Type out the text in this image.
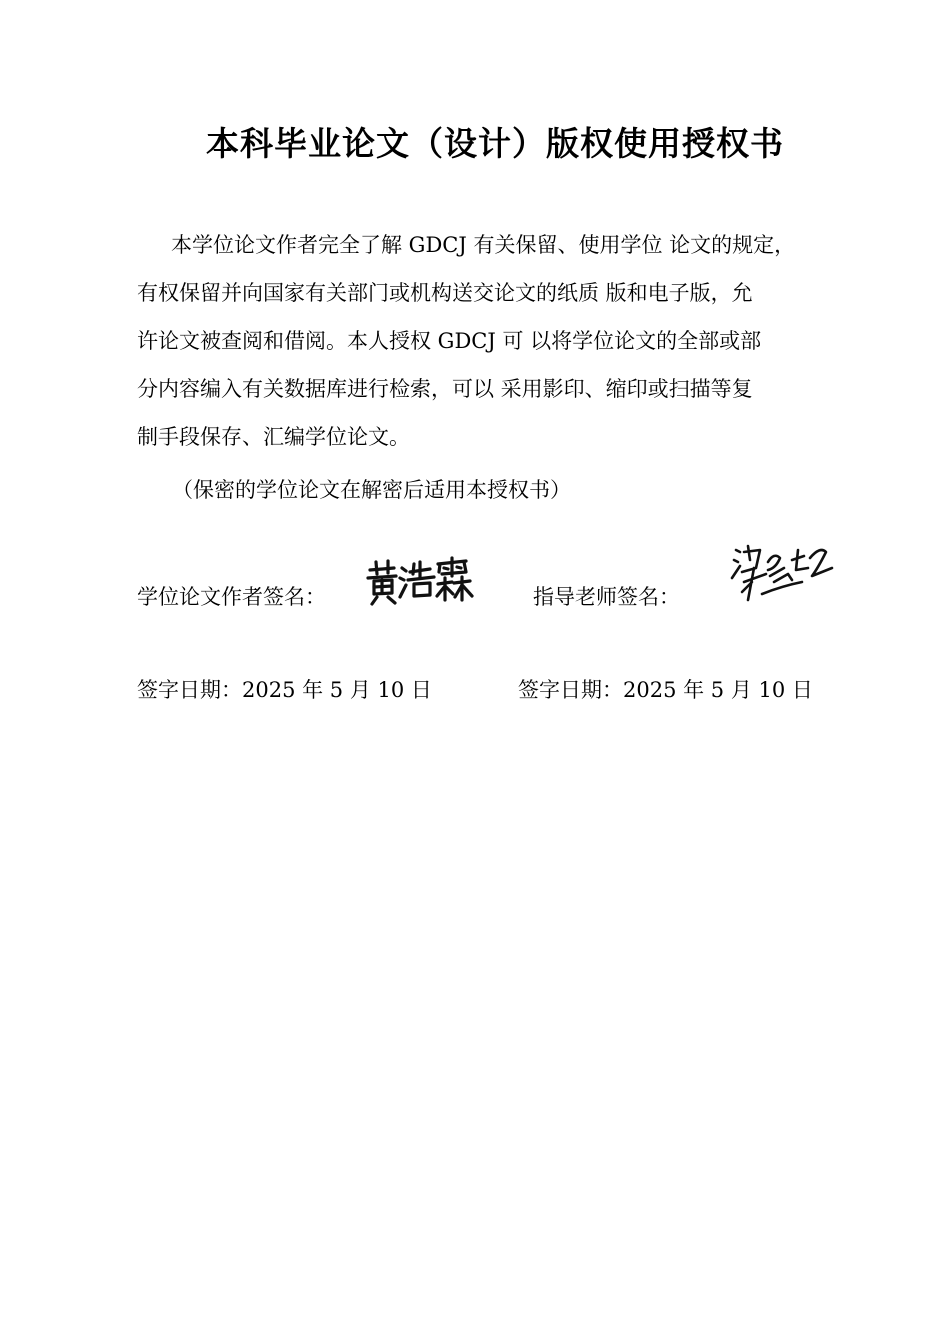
本科毕业论文（设计）版权使用授权书
本学位论文作者完全了解 GDCJ 有关保留、使用学位 论文的规定，
有权保留并向国家有关部门或机构送交论文的纸质 版和电子版，允
许论文被查阅和借阅。本人授权 GDCJ 可 以将学位论文的全部或部
分内容编入有关数据库进行检索，可以 采用影印、缩印或扫描等复
制手段保存、汇编学位论文。
（保密的学位论文在解密后适用本授权书）
学位论文作者签名：	指导老师签名：
签字日期：2025 年 5 月 10 日	签字日期：2025 年 5 月 10 日
